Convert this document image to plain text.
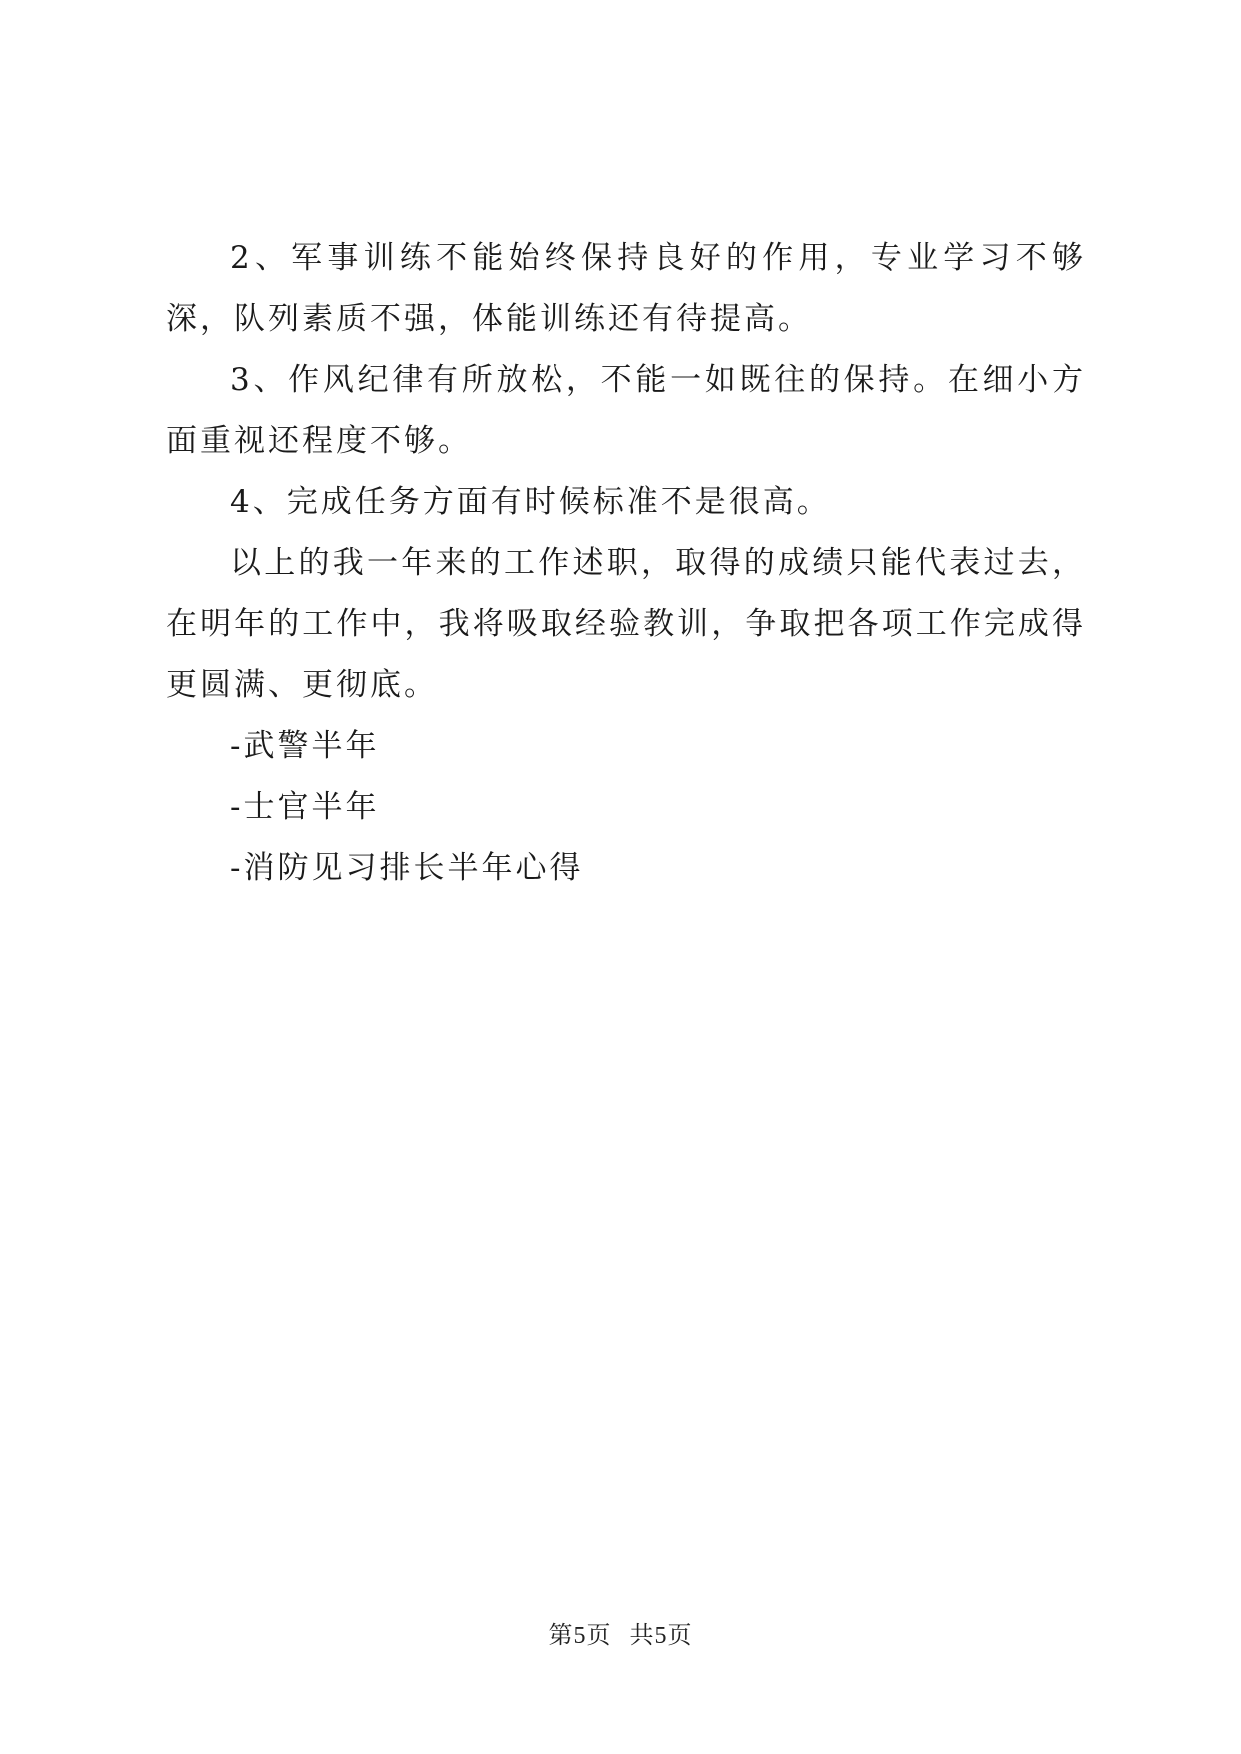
2、军事训练不能始终保持良好的作用，专业学习不够深，队列素质不强，体能训练还有待提高。

3、作风纪律有所放松，不能一如既往的保持。在细小方面重视还程度不够。

4、完成任务方面有时候标准不是很高。

以上的我一年来的工作述职，取得的成绩只能代表过去，在明年的工作中，我将吸取经验教训，争取把各项工作完成得更圆满、更彻底。

-武警半年

-士官半年

-消防见习排长半年心得

第5页 共5页
